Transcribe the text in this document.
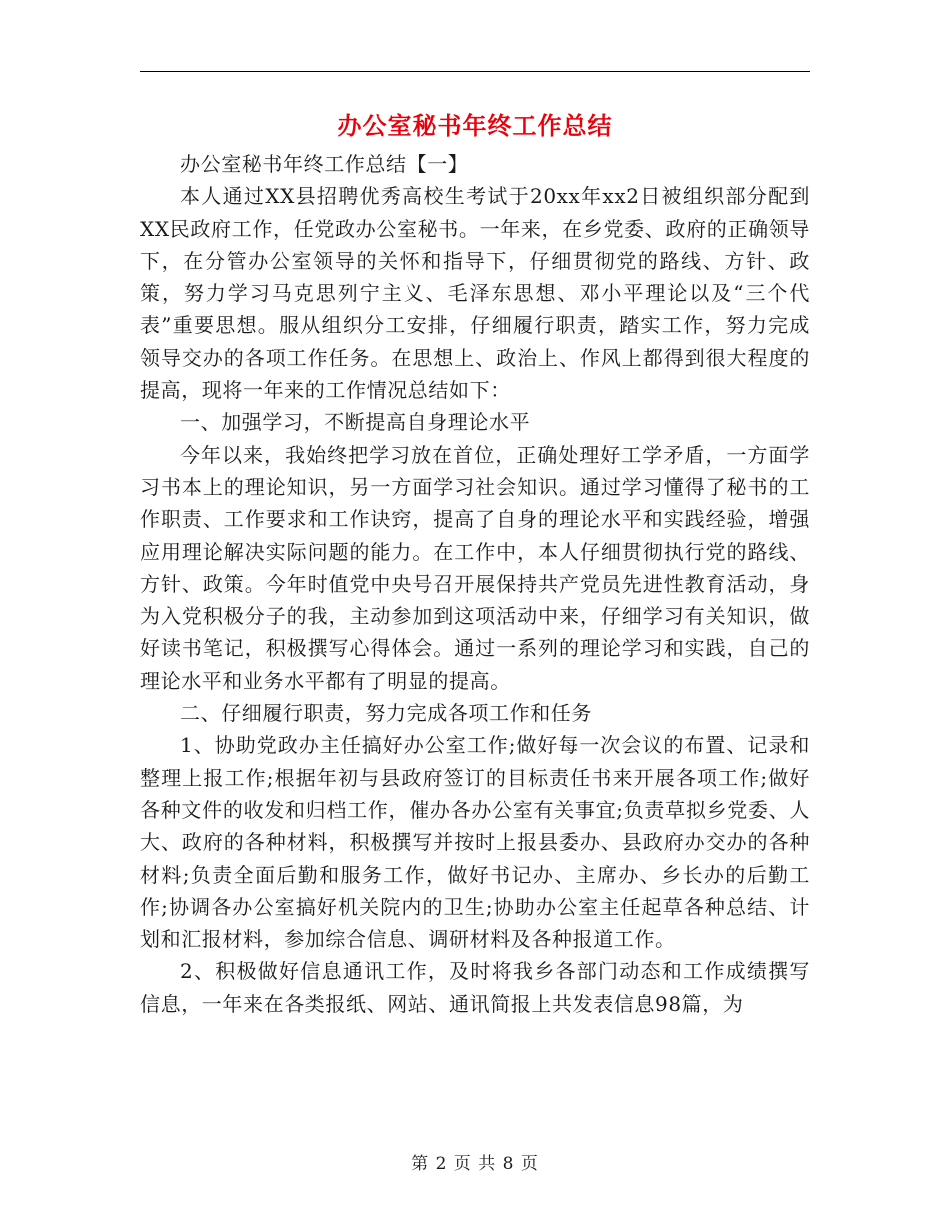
办公室秘书年终工作总结

办公室秘书年终工作总结【一】

本人通过XX县招聘优秀高校生考试于20xx年xx2日被组织部分配到XX民政府工作，任党政办公室秘书。一年来，在乡党委、政府的正确领导下，在分管办公室领导的关怀和指导下，仔细贯彻党的路线、方针、政策，努力学习马克思列宁主义、毛泽东思想、邓小平理论以及“三个代表”重要思想。服从组织分工安排，仔细履行职责，踏实工作，努力完成领导交办的各项工作任务。在思想上、政治上、作风上都得到很大程度的提高，现将一年来的工作情况总结如下：

一、加强学习，不断提高自身理论水平

今年以来，我始终把学习放在首位，正确处理好工学矛盾，一方面学习书本上的理论知识，另一方面学习社会知识。通过学习懂得了秘书的工作职责、工作要求和工作诀窍，提高了自身的理论水平和实践经验，增强应用理论解决实际问题的能力。在工作中，本人仔细贯彻执行党的路线、方针、政策。今年时值党中央号召开展保持共产党员先进性教育活动，身为入党积极分子的我，主动参加到这项活动中来，仔细学习有关知识，做好读书笔记，积极撰写心得体会。通过一系列的理论学习和实践，自己的理论水平和业务水平都有了明显的提高。

二、仔细履行职责，努力完成各项工作和任务

1、协助党政办主任搞好办公室工作;做好每一次会议的布置、记录和整理上报工作;根据年初与县政府签订的目标责任书来开展各项工作;做好各种文件的收发和归档工作，催办各办公室有关事宜;负责草拟乡党委、人大、政府的各种材料，积极撰写并按时上报县委办、县政府办交办的各种材料;负责全面后勤和服务工作，做好书记办、主席办、乡长办的后勤工作;协调各办公室搞好机关院内的卫生;协助办公室主任起草各种总结、计划和汇报材料，参加综合信息、调研材料及各种报道工作。

2、积极做好信息通讯工作，及时将我乡各部门动态和工作成绩撰写信息，一年来在各类报纸、网站、通讯简报上共发表信息98篇，为

第 2 页 共 8 页
